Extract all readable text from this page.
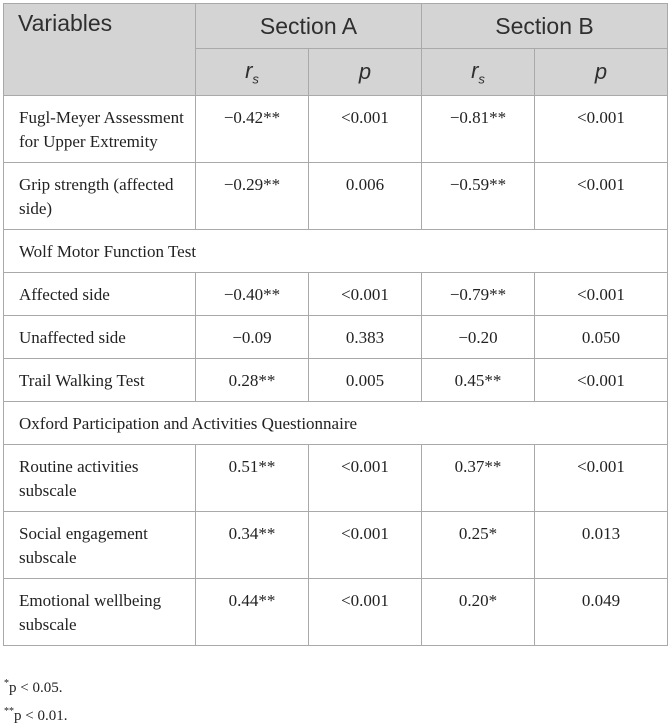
Variables	Section A		Section B	
	$r_s$	p	$r_s$	p
Fugl-Meyer Assessment for Upper Extremity	−0.42**	<0.001	−0.81**	<0.001
Grip strength (affected side)	−0.29**	0.006	−0.59**	<0.001
Wolf Motor Function Test				
Affected side	−0.40**	<0.001	−0.79**	<0.001
Unaffected side	−0.09	0.383	−0.20	0.050
Trail Walking Test	0.28**	0.005	0.45**	<0.001
Oxford Participation and Activities Questionnaire				
Routine activities subscale	0.51**	<0.001	0.37**	<0.001
Social engagement subscale	0.34**	<0.001	0.25*	0.013
Emotional wellbeing subscale	0.44**	<0.001	0.20*	0.049
*p < 0.05.
**p < 0.01.
